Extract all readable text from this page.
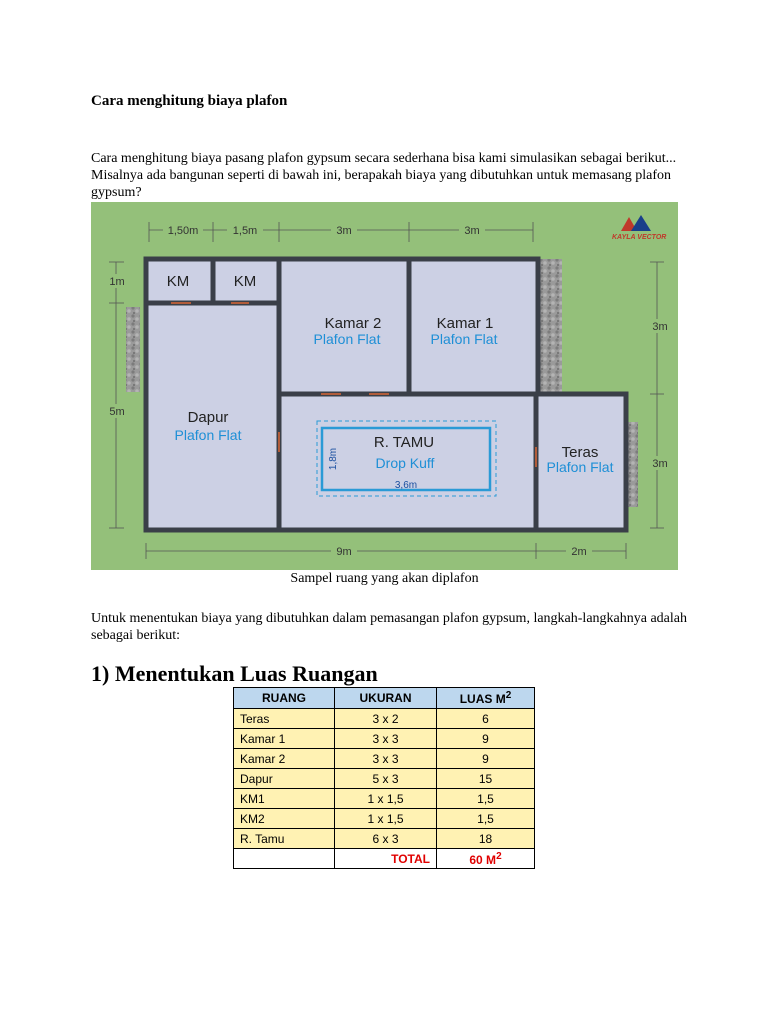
Cara menghitung biaya plafon
Cara menghitung biaya pasang plafon gypsum secara sederhana bisa kami simulasikan sebagai berikut... Misalnya ada bangunan seperti di bawah ini, berapakah biaya yang dibutuhkan untuk memasang plafon gypsum?
KAYLA VECTOR
1,50m	1,5m	3m	3m
1m
5m
3m
3m
9m	2m
3,6m
1,8m
KM	KM
Kamar 2
Plafon Flat
Kamar 1
Plafon Flat
Dapur
Plafon Flat	R. TAMU
Drop Kuff
Teras
Plafon Flat
Sampel ruang yang akan diplafon
Untuk menentukan biaya yang dibutuhkan dalam pemasangan plafon gypsum, langkah-langkahnya adalah sebagai berikut:
1) Menentukan Luas Ruangan
RUANG	UKURAN	LUAS $M^2$
Teras	3 x 2	6
Kamar 1	3 x 3	9
Kamar 2	3 x 3	9
Dapur	5 x 3	15
KM1	1 x 1,5	1,5
KM2	1 x 1,5	1,5
R. Tamu	6 x 3	18
	TOTAL	60 $M^2$
